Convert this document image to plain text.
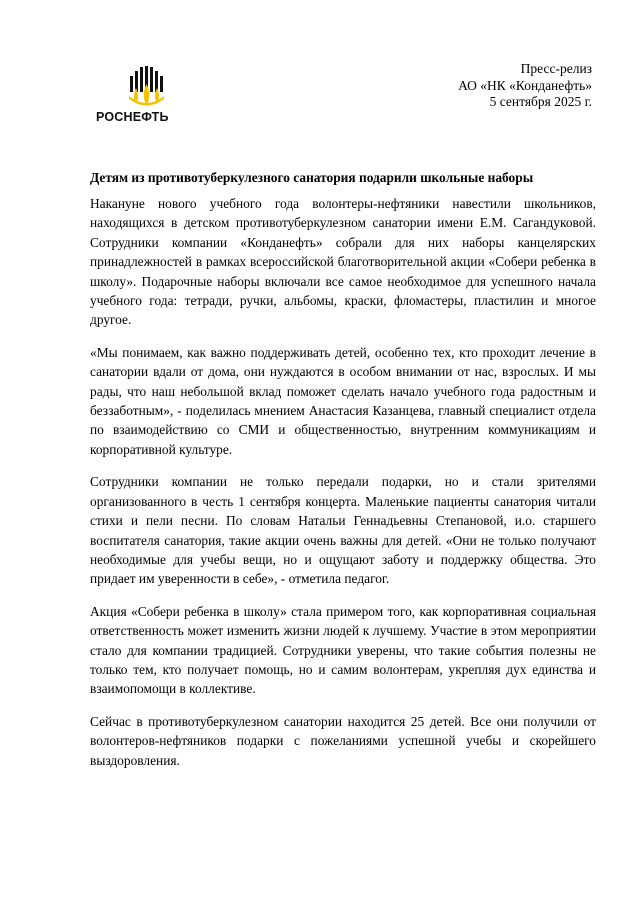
РОСНЕФТЬ
Пресс-релиз
АО «НК «Конданефть»
5 сентября 2025 г.
Детям из противотуберкулезного санатория подарили школьные наборы

Накануне нового учебного года волонтеры-нефтяники навестили школьников, находящихся в детском противотуберкулезном санатории имени Е.М. Сагандуковой. Сотрудники компании «Конданефть» собрали для них наборы канцелярских принадлежностей в рамках всероссийской благотворительной акции «Собери ребенка в школу». Подарочные наборы включали все самое необходимое для успешного начала учебного года: тетради, ручки, альбомы, краски, фломастеры, пластилин и многое другое.

«Мы понимаем, как важно поддерживать детей, особенно тех, кто проходит лечение в санатории вдали от дома, они нуждаются в особом внимании от нас, взрослых. И мы рады, что наш небольшой вклад поможет сделать начало учебного года радостным и беззаботным», - поделилась мнением Анастасия Казанцева, главный специалист отдела по взаимодействию со СМИ и общественностью, внутренним коммуникациям и корпоративной культуре.

Сотрудники компании не только передали подарки, но и стали зрителями организованного в честь 1 сентября концерта. Маленькие пациенты санатория читали стихи и пели песни. По словам Натальи Геннадьевны Степановой, и.о. старшего воспитателя санатория, такие акции очень важны для детей. «Они не только получают необходимые для учебы вещи, но и ощущают заботу и поддержку общества. Это придает им уверенности в себе», - отметила педагог.

Акция «Собери ребенка в школу» стала примером того, как корпоративная социальная ответственность может изменить жизни людей к лучшему. Участие в этом мероприятии стало для компании традицией. Сотрудники уверены, что такие события полезны не только тем, кто получает помощь, но и самим волонтерам, укрепляя дух единства и взаимопомощи в коллективе.

Сейчас в противотуберкулезном санатории находится 25 детей. Все они получили от волонтеров-нефтяников подарки с пожеланиями успешной учебы и скорейшего выздоровления.
